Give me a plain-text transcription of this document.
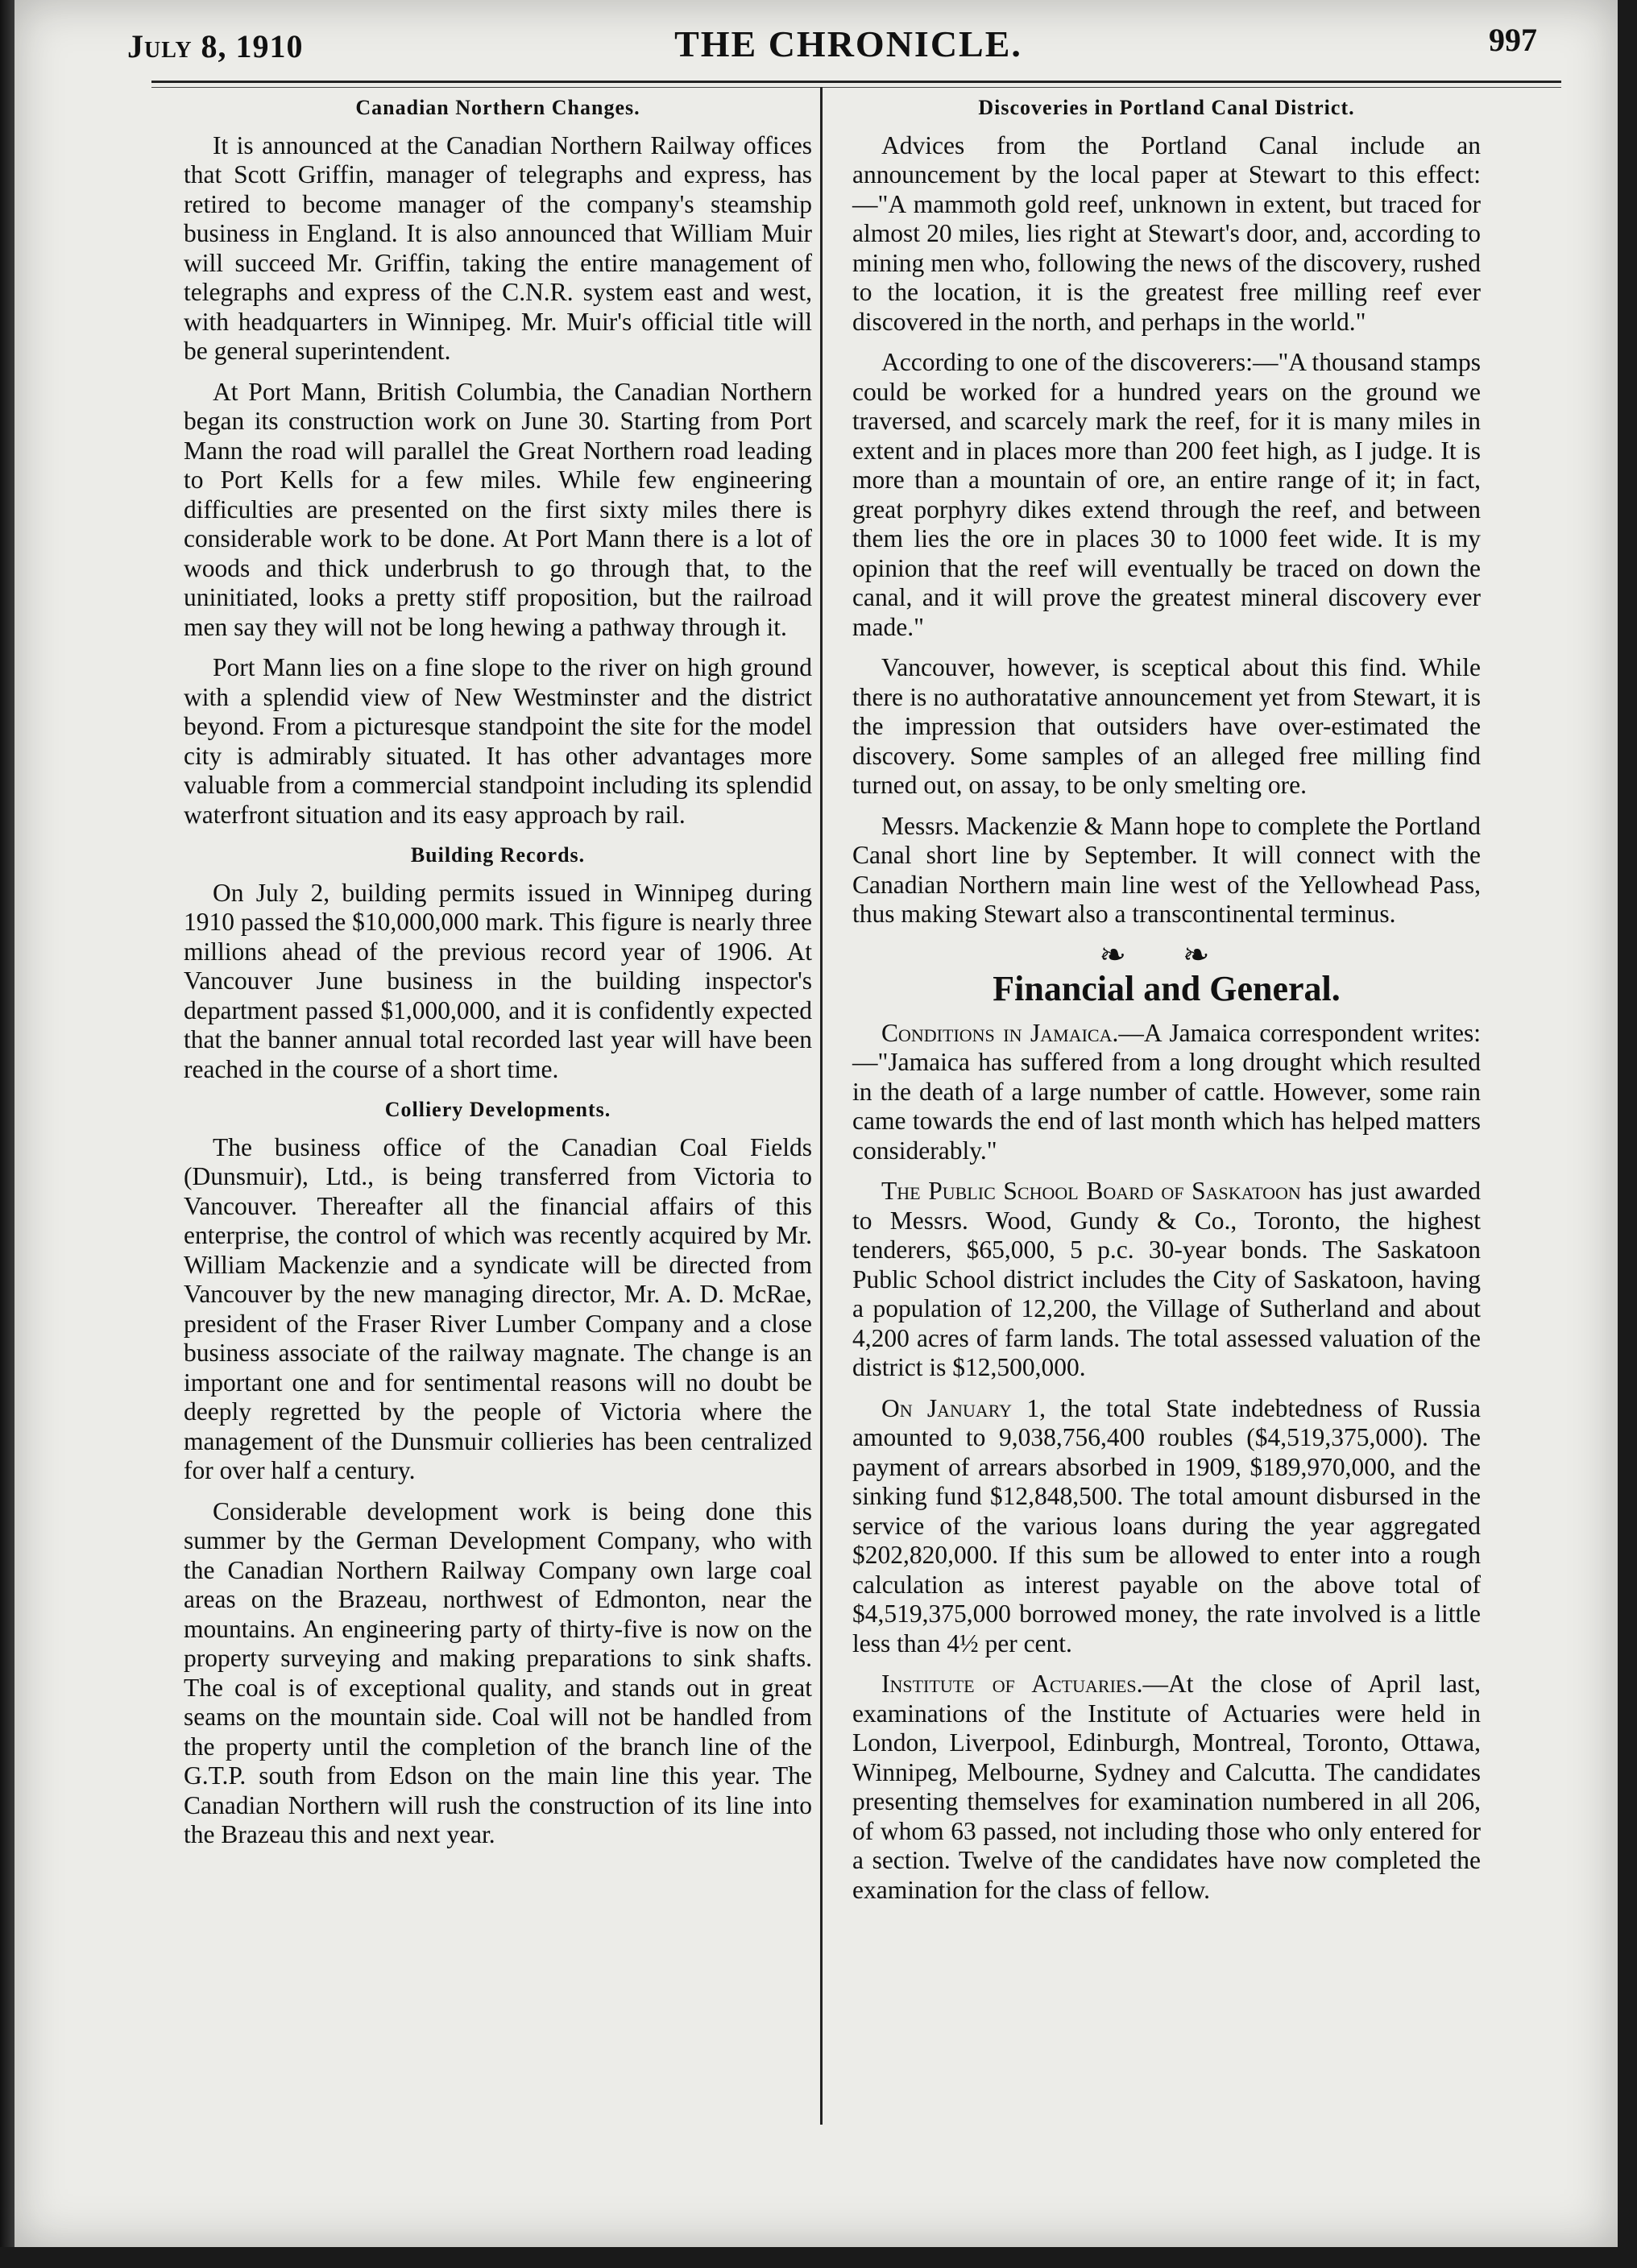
July 8, 1910	THE CHRONICLE.	997
Canadian Northern Changes.

It is announced at the Canadian Northern Railway offices that Scott Griffin, manager of telegraphs and express, has retired to become manager of the company's steamship business in England. It is also announced that William Muir will succeed Mr. Griffin, taking the entire management of telegraphs and express of the C.N.R. system east and west, with headquarters in Winnipeg. Mr. Muir's official title will be general superintendent.

At Port Mann, British Columbia, the Canadian Northern began its construction work on June 30. Starting from Port Mann the road will parallel the Great Northern road leading to Port Kells for a few miles. While few engineering difficulties are presented on the first sixty miles there is considerable work to be done. At Port Mann there is a lot of woods and thick underbrush to go through that, to the uninitiated, looks a pretty stiff proposition, but the railroad men say they will not be long hewing a pathway through it.

Port Mann lies on a fine slope to the river on high ground with a splendid view of New Westminster and the district beyond. From a picturesque standpoint the site for the model city is admirably situated. It has other advantages more valuable from a commercial standpoint including its splendid waterfront situation and its easy approach by rail.

Building Records.

On July 2, building permits issued in Winnipeg during 1910 passed the $10,000,000 mark. This figure is nearly three millions ahead of the previous record year of 1906. At Vancouver June business in the building inspector's department passed $1,000,000, and it is confidently expected that the banner annual total recorded last year will have been reached in the course of a short time.

Colliery Developments.

The business office of the Canadian Coal Fields (Dunsmuir), Ltd., is being transferred from Victoria to Vancouver. Thereafter all the financial affairs of this enterprise, the control of which was recently acquired by Mr. William Mackenzie and a syndicate will be directed from Vancouver by the new managing director, Mr. A. D. McRae, president of the Fraser River Lumber Company and a close business associate of the railway magnate. The change is an important one and for sentimental reasons will no doubt be deeply regretted by the people of Victoria where the management of the Dunsmuir collieries has been centralized for over half a century.

Considerable development work is being done this summer by the German Development Company, who with the Canadian Northern Railway Company own large coal areas on the Brazeau, northwest of Edmonton, near the mountains. An engineering party of thirty-five is now on the property surveying and making preparations to sink shafts. The coal is of exceptional quality, and stands out in great seams on the mountain side. Coal will not be handled from the property until the completion of the branch line of the G.T.P. south from Edson on the main line this year. The Canadian Northern will rush the construction of its line into the Brazeau this and next year.

Discoveries in Portland Canal District.

Advices from the Portland Canal include an announcement by the local paper at Stewart to this effect:—"A mammoth gold reef, unknown in extent, but traced for almost 20 miles, lies right at Stewart's door, and, according to mining men who, following the news of the discovery, rushed to the location, it is the greatest free milling reef ever discovered in the north, and perhaps in the world."

According to one of the discoverers:—"A thousand stamps could be worked for a hundred years on the ground we traversed, and scarcely mark the reef, for it is many miles in extent and in places more than 200 feet high, as I judge. It is more than a mountain of ore, an entire range of it; in fact, great porphyry dikes extend through the reef, and between them lies the ore in places 30 to 1000 feet wide. It is my opinion that the reef will eventually be traced on down the canal, and it will prove the greatest mineral discovery ever made."

Vancouver, however, is sceptical about this find. While there is no authoratative announcement yet from Stewart, it is the impression that outsiders have over-estimated the discovery. Some samples of an alleged free milling find turned out, on assay, to be only smelting ore.

Messrs. Mackenzie & Mann hope to complete the Portland Canal short line by September. It will connect with the Canadian Northern main line west of the Yellowhead Pass, thus making Stewart also a transcontinental terminus.

❧ ❧
Financial and General.

Conditions in Jamaica.—A Jamaica correspondent writes:—"Jamaica has suffered from a long drought which resulted in the death of a large number of cattle. However, some rain came towards the end of last month which has helped matters considerably."

The Public School Board of Saskatoon has just awarded to Messrs. Wood, Gundy & Co., Toronto, the highest tenderers, $65,000, 5 p.c. 30-year bonds. The Saskatoon Public School district includes the City of Saskatoon, having a population of 12,200, the Village of Sutherland and about 4,200 acres of farm lands. The total assessed valuation of the district is $12,500,000.

On January 1, the total State indebtedness of Russia amounted to 9,038,756,400 roubles ($4,519,375,000). The payment of arrears absorbed in 1909, $189,970,000, and the sinking fund $12,848,500. The total amount disbursed in the service of the various loans during the year aggregated $202,820,000. If this sum be allowed to enter into a rough calculation as interest payable on the above total of $4,519,375,000 borrowed money, the rate involved is a little less than 4½ per cent.

Institute of Actuaries.—At the close of April last, examinations of the Institute of Actuaries were held in London, Liverpool, Edinburgh, Montreal, Toronto, Ottawa, Winnipeg, Melbourne, Sydney and Calcutta. The candidates presenting themselves for examination numbered in all 206, of whom 63 passed, not including those who only entered for a section. Twelve of the candidates have now completed the examination for the class of fellow.
